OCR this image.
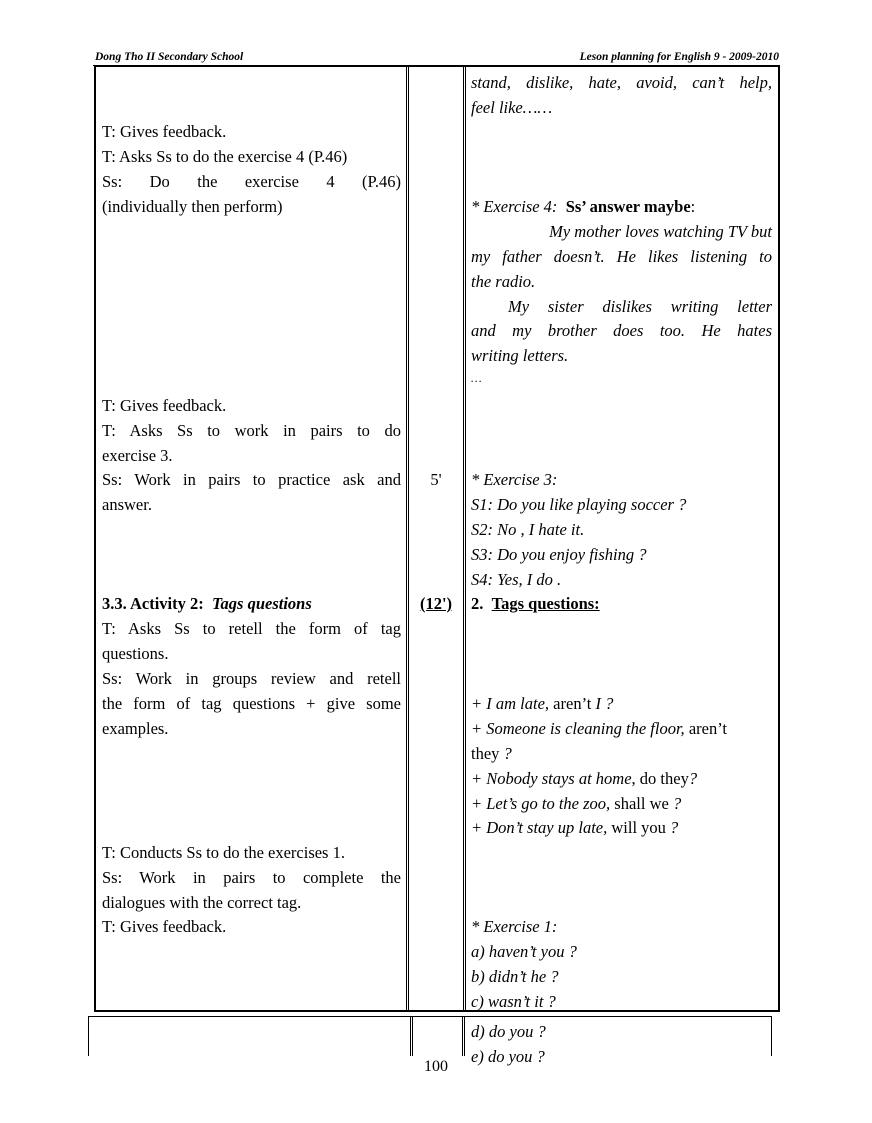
Dong Tho II Secondary School	Leson planning for English 9 - 2009-2010
T: Gives feedback.
T: Asks Ss to do the exercise 4 (P.46)
Ss: Do the exercise 4 (P.46)
(individually then perform)
T: Gives feedback.
T: Asks Ss to work in pairs to do
exercise 3.
Ss: Work in pairs to practice ask and
answer.
3.3. Activity 2: Tags questions
T: Asks Ss to retell the form of tag
questions.
Ss: Work in groups review and retell
the form of tag questions + give some
examples.
T: Conducts Ss to do the exercises 1.
Ss: Work in pairs to complete the
dialogues with the correct tag.
T: Gives feedback.
5'
(12')
stand, dislike, hate, avoid, can’t help,
feel like……
* Exercise 4: Ss’ answer maybe:
My mother loves watching TV but
my father doesn’t. He likes listening to
the radio.
My sister dislikes writing letter
and my brother does too. He hates
writing letters.
…
* Exercise 3:
S1: Do you like playing soccer ?
S2: No , I hate it.
S3: Do you enjoy fishing ?
S4: Yes, I do .
2. Tags questions:
+ I am late, aren’t I ?
+ Someone is cleaning the floor, aren’t
they ?
+ Nobody stays at home, do they?
+ Let’s go to the zoo, shall we ?
+ Don’t stay up late, will you ?
* Exercise 1:
a) haven’t you ?
b) didn’t he ?
c) wasn’t it ?
d) do you ?
e) do you ?
100
